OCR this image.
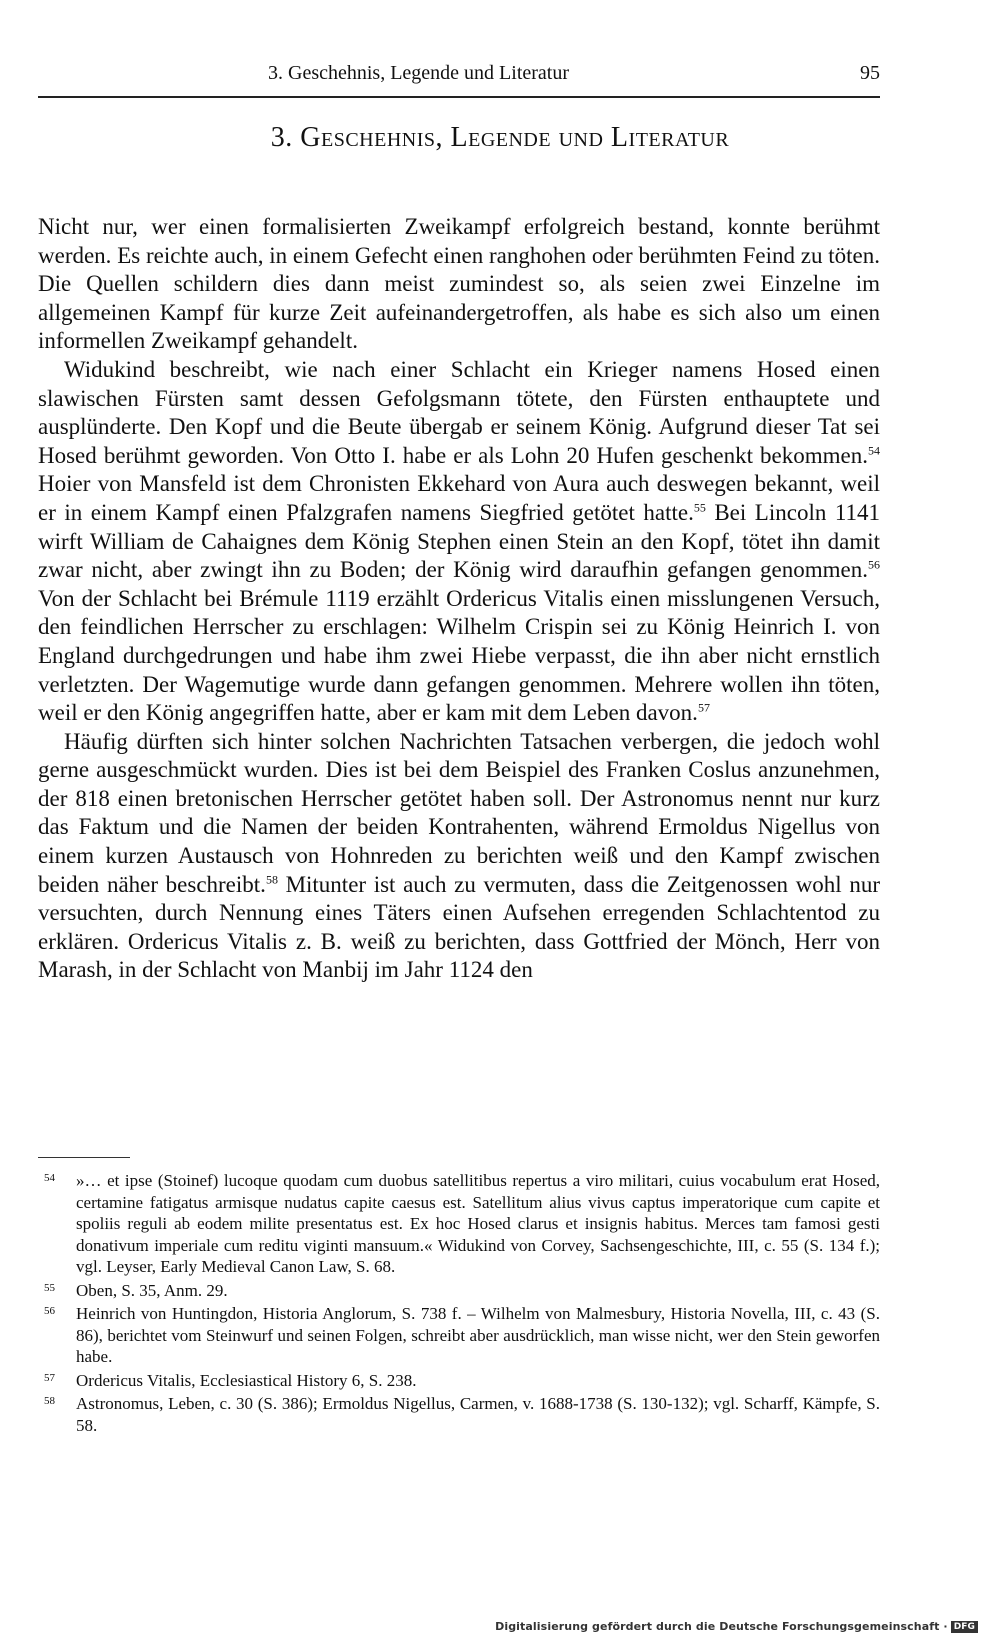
3. Geschehnis, Legende und Literatur	95
3. Geschehnis, Legende und Literatur

Nicht nur, wer einen formalisierten Zweikampf erfolgreich bestand, konnte berühmt werden. Es reichte auch, in einem Gefecht einen ranghohen oder berühmten Feind zu töten. Die Quellen schildern dies dann meist zumindest so, als seien zwei Einzelne im allgemeinen Kampf für kurze Zeit aufeinandergetroffen, als habe es sich also um einen informellen Zweikampf gehandelt.

Widukind beschreibt, wie nach einer Schlacht ein Krieger namens Hosed einen slawischen Fürsten samt dessen Gefolgsmann tötete, den Fürsten enthauptete und ausplünderte. Den Kopf und die Beute übergab er seinem König. Aufgrund dieser Tat sei Hosed berühmt geworden. Von Otto I. habe er als Lohn 20 Hufen geschenkt bekommen.$^{54}$ Hoier von Mansfeld ist dem Chronisten Ekkehard von Aura auch deswegen bekannt, weil er in einem Kampf einen Pfalzgrafen namens Siegfried getötet hatte.$^{55}$ Bei Lincoln 1141 wirft William de Cahaignes dem König Stephen einen Stein an den Kopf, tötet ihn damit zwar nicht, aber zwingt ihn zu Boden; der König wird daraufhin gefangen genommen.$^{56}$ Von der Schlacht bei Brémule 1119 erzählt Ordericus Vitalis einen misslungenen Versuch, den feindlichen Herrscher zu erschlagen: Wilhelm Crispin sei zu König Heinrich I. von England durchgedrungen und habe ihm zwei Hiebe verpasst, die ihn aber nicht ernstlich verletzten. Der Wagemutige wurde dann gefangen genommen. Mehrere wollen ihn töten, weil er den König angegriffen hatte, aber er kam mit dem Leben davon.$^{57}$

Häufig dürften sich hinter solchen Nachrichten Tatsachen verbergen, die jedoch wohl gerne ausgeschmückt wurden. Dies ist bei dem Beispiel des Franken Coslus anzunehmen, der 818 einen bretonischen Herrscher getötet haben soll. Der Astronomus nennt nur kurz das Faktum und die Namen der beiden Kontrahenten, während Ermoldus Nigellus von einem kurzen Austausch von Hohnreden zu berichten weiß und den Kampf zwischen beiden näher beschreibt.$^{58}$ Mitunter ist auch zu vermuten, dass die Zeitgenossen wohl nur versuchten, durch Nennung eines Täters einen Aufsehen erregenden Schlachtentod zu erklären. Ordericus Vitalis z. B. weiß zu berichten, dass Gottfried der Mönch, Herr von Marash, in der Schlacht von Manbij im Jahr 1124 den

54 »… et ipse (Stoinef) lucoque quodam cum duobus satellitibus repertus a viro militari, cuius vocabulum erat Hosed, certamine fatigatus armisque nudatus capite caesus est. Satellitum alius vivus captus imperatorique cum capite et spoliis reguli ab eodem milite presentatus est. Ex hoc Hosed clarus et insignis habitus. Merces tam famosi gesti donativum imperiale cum reditu viginti mansuum.« Widukind von Corvey, Sachsengeschichte, III, c. 55 (S. 134 f.); vgl. Leyser, Early Medieval Canon Law, S. 68.
55 Oben, S. 35, Anm. 29.
56 Heinrich von Huntingdon, Historia Anglorum, S. 738 f. – Wilhelm von Malmesbury, Historia Novella, III, c. 43 (S. 86), berichtet vom Steinwurf und seinen Folgen, schreibt aber ausdrücklich, man wisse nicht, wer den Stein geworfen habe.
57 Ordericus Vitalis, Ecclesiastical History 6, S. 238.
58 Astronomus, Leben, c. 30 (S. 386); Ermoldus Nigellus, Carmen, v. 1688-1738 (S. 130-132); vgl. Scharff, Kämpfe, S. 58.
Digitalisierung gefördert durch die Deutsche Forschungsgemeinschaft · DFG
